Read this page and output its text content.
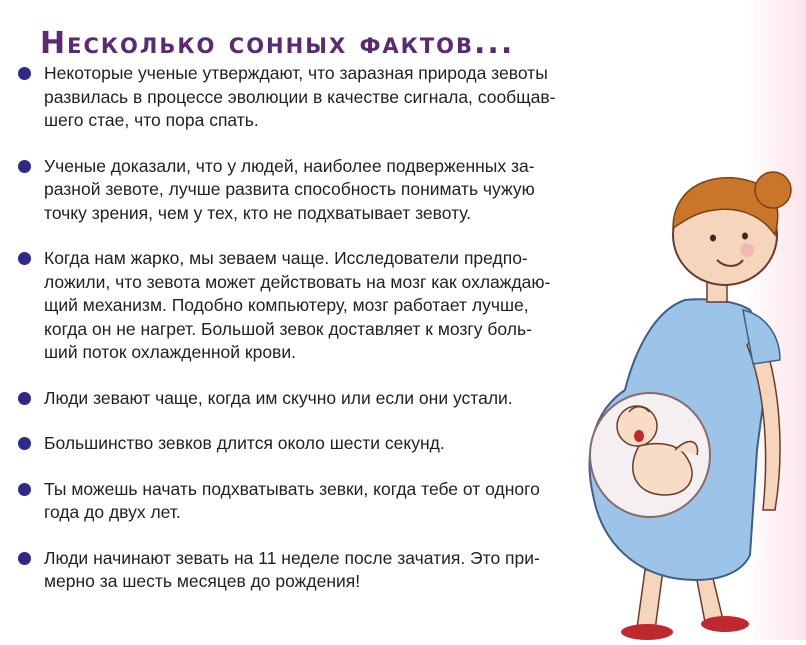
Несколько сонных фактов...

Некоторые ученые утверждают, что заразная природа зевоты

развилась в процессе эволюции в качестве сигнала, сообщав-

шего стае, что пора спать.

Ученые доказали, что у людей, наиболее подверженных за-

разной зевоте, лучше развита способность понимать чужую

точку зрения, чем у тех, кто не подхватывает зевоту.

Когда нам жарко, мы зеваем чаще. Исследователи предпо-

ложили, что зевота может действовать на мозг как охлаждаю-

щий механизм. Подобно компьютеру, мозг работает лучше,

когда он не нагрет. Большой зевок доставляет к мозгу боль-

ший поток охлажденной крови.

Люди зевают чаще, когда им скучно или если они устали.

Большинство зевков длится около шести секунд.

Ты можешь начать подхватывать зевки, когда тебе от одного

года до двух лет.

Люди начинают зевать на 11 неделе после зачатия. Это при-

мерно за шесть месяцев до рождения!
